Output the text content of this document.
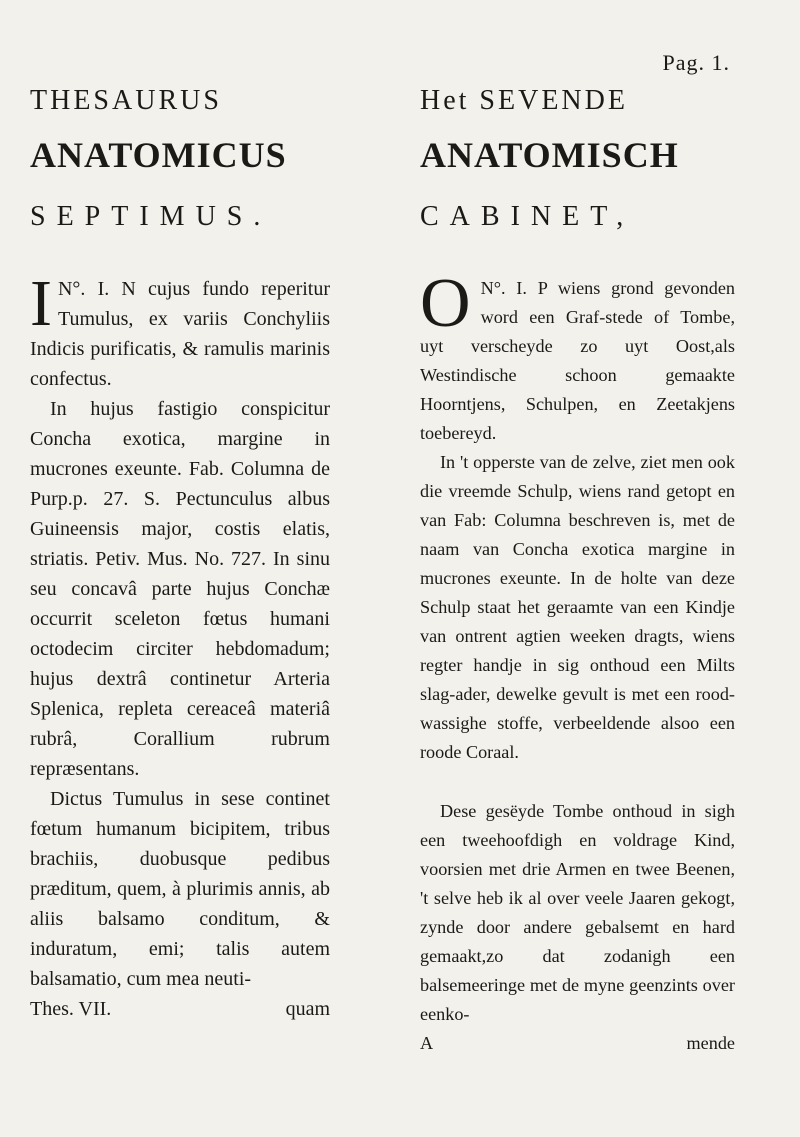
Pag. 1.

THESAURUS

ANATOMICUS

SEPTIMUS.

N°. I.
I	N cujus fundo reperitur Tumulus, ex variis Conchyliis Indicis purificatis, & ramulis marinis confectus.

In hujus fastigio conspicitur Concha exotica, margine in mucrones exeunte. Fab. Columna de Purp.p. 27. S. Pectunculus albus Guineensis major, costis elatis, striatis. Petiv. Mus. No. 727. In sinu seu concavâ parte hujus Conchæ occurrit sceleton fœtus humani octodecim circiter hebdomadum; hujus dextrâ continetur Arteria Splenica, repleta cereaceâ materiâ rubrâ, Corallium rubrum repræsentans.

Dictus Tumulus in sese continet fœtum humanum bicipitem, tribus brachiis, duobusque pedibus præditum, quem, à plurimis annis, ab aliis balsamo conditum, & induratum, emi; talis autem balsamatio, cum mea neuti-

Thes. VII.	quam

Het SEVENDE

ANATOMISCH

CABINET,

N°. I.
O	P wiens grond gevonden word een Graf-stede of Tombe, uyt verscheyde zo uyt Oost,als Westindische schoon gemaakte Hoorntjens, Schulpen, en Zeetakjens toebereyd.

In 't opperste van de zelve, ziet men ook die vreemde Schulp, wiens rand getopt en van Fab: Columna beschreven is, met de naam van Concha exotica margine in mucrones exeunte. In de holte van deze Schulp staat het geraamte van een Kindje van ontrent agtien weeken dragts, wiens regter handje in sig onthoud een Milts slag-ader, dewelke gevult is met een rood-wassighe stoffe, verbeeldende alsoo een roode Coraal.

Dese gesëyde Tombe onthoud in sigh een tweehoofdigh en voldrage Kind, voorsien met drie Armen en twee Beenen, 't selve heb ik al over veele Jaaren gekogt, zynde door andere gebalsemt en hard gemaakt,zo dat zodanigh een balsemeeringe met de myne geenzints over eenko-

A	mende
